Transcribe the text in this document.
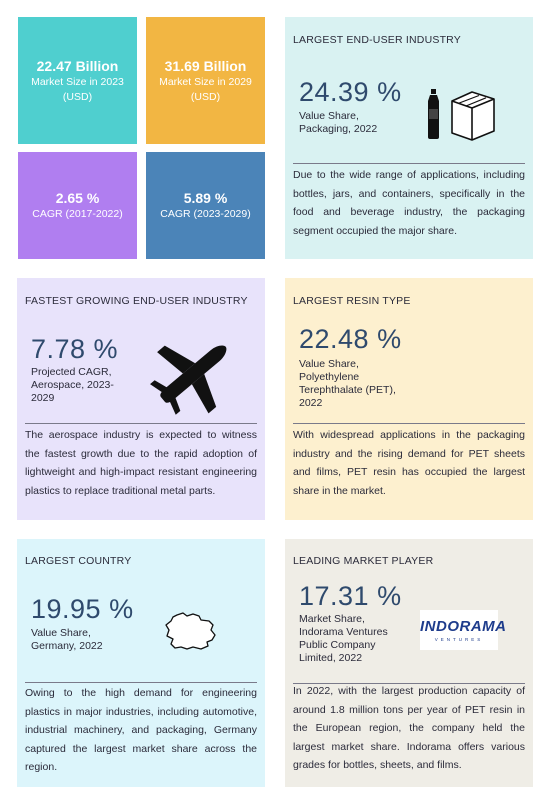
22.47 Billion
Market Size in 2023
(USD)
31.69 Billion
Market Size in 2029
(USD)
2.65 %
CAGR (2017-2022)
5.89 %
CAGR (2023-2029)
LARGEST END-USER INDUSTRY
24.39 %
Value Share,
Packaging, 2022
Due to the wide range of applications, including bottles, jars, and containers, specifically in the food and beverage industry, the packaging segment occupied the major share.
FASTEST GROWING END-USER INDUSTRY
7.78 %
Projected CAGR,
Aerospace, 2023-
2029
The aerospace industry is expected to witness the fastest growth due to the rapid adoption of lightweight and high-impact resistant engineering plastics to replace traditional metal parts.
LARGEST RESIN TYPE
22.48 %
Value Share,
Polyethylene
Terephthalate (PET),
2022
With widespread applications in the packaging industry and the rising demand for PET sheets and films, PET resin has occupied the largest share in the market.
LARGEST COUNTRY
19.95 %
Value Share,
Germany, 2022
Owing to the high demand for engineering plastics in major industries, including automotive, industrial machinery, and packaging, Germany captured the largest market share across the region.
LEADING MARKET PLAYER
17.31 %
Market Share,
Indorama Ventures
Public Company
Limited, 2022
INDORAMA
VENTURES
In 2022, with the largest production capacity of around 1.8 million tons per year of PET resin in the European region, the company held the largest market share. Indorama offers various grades for bottles, sheets, and films.
